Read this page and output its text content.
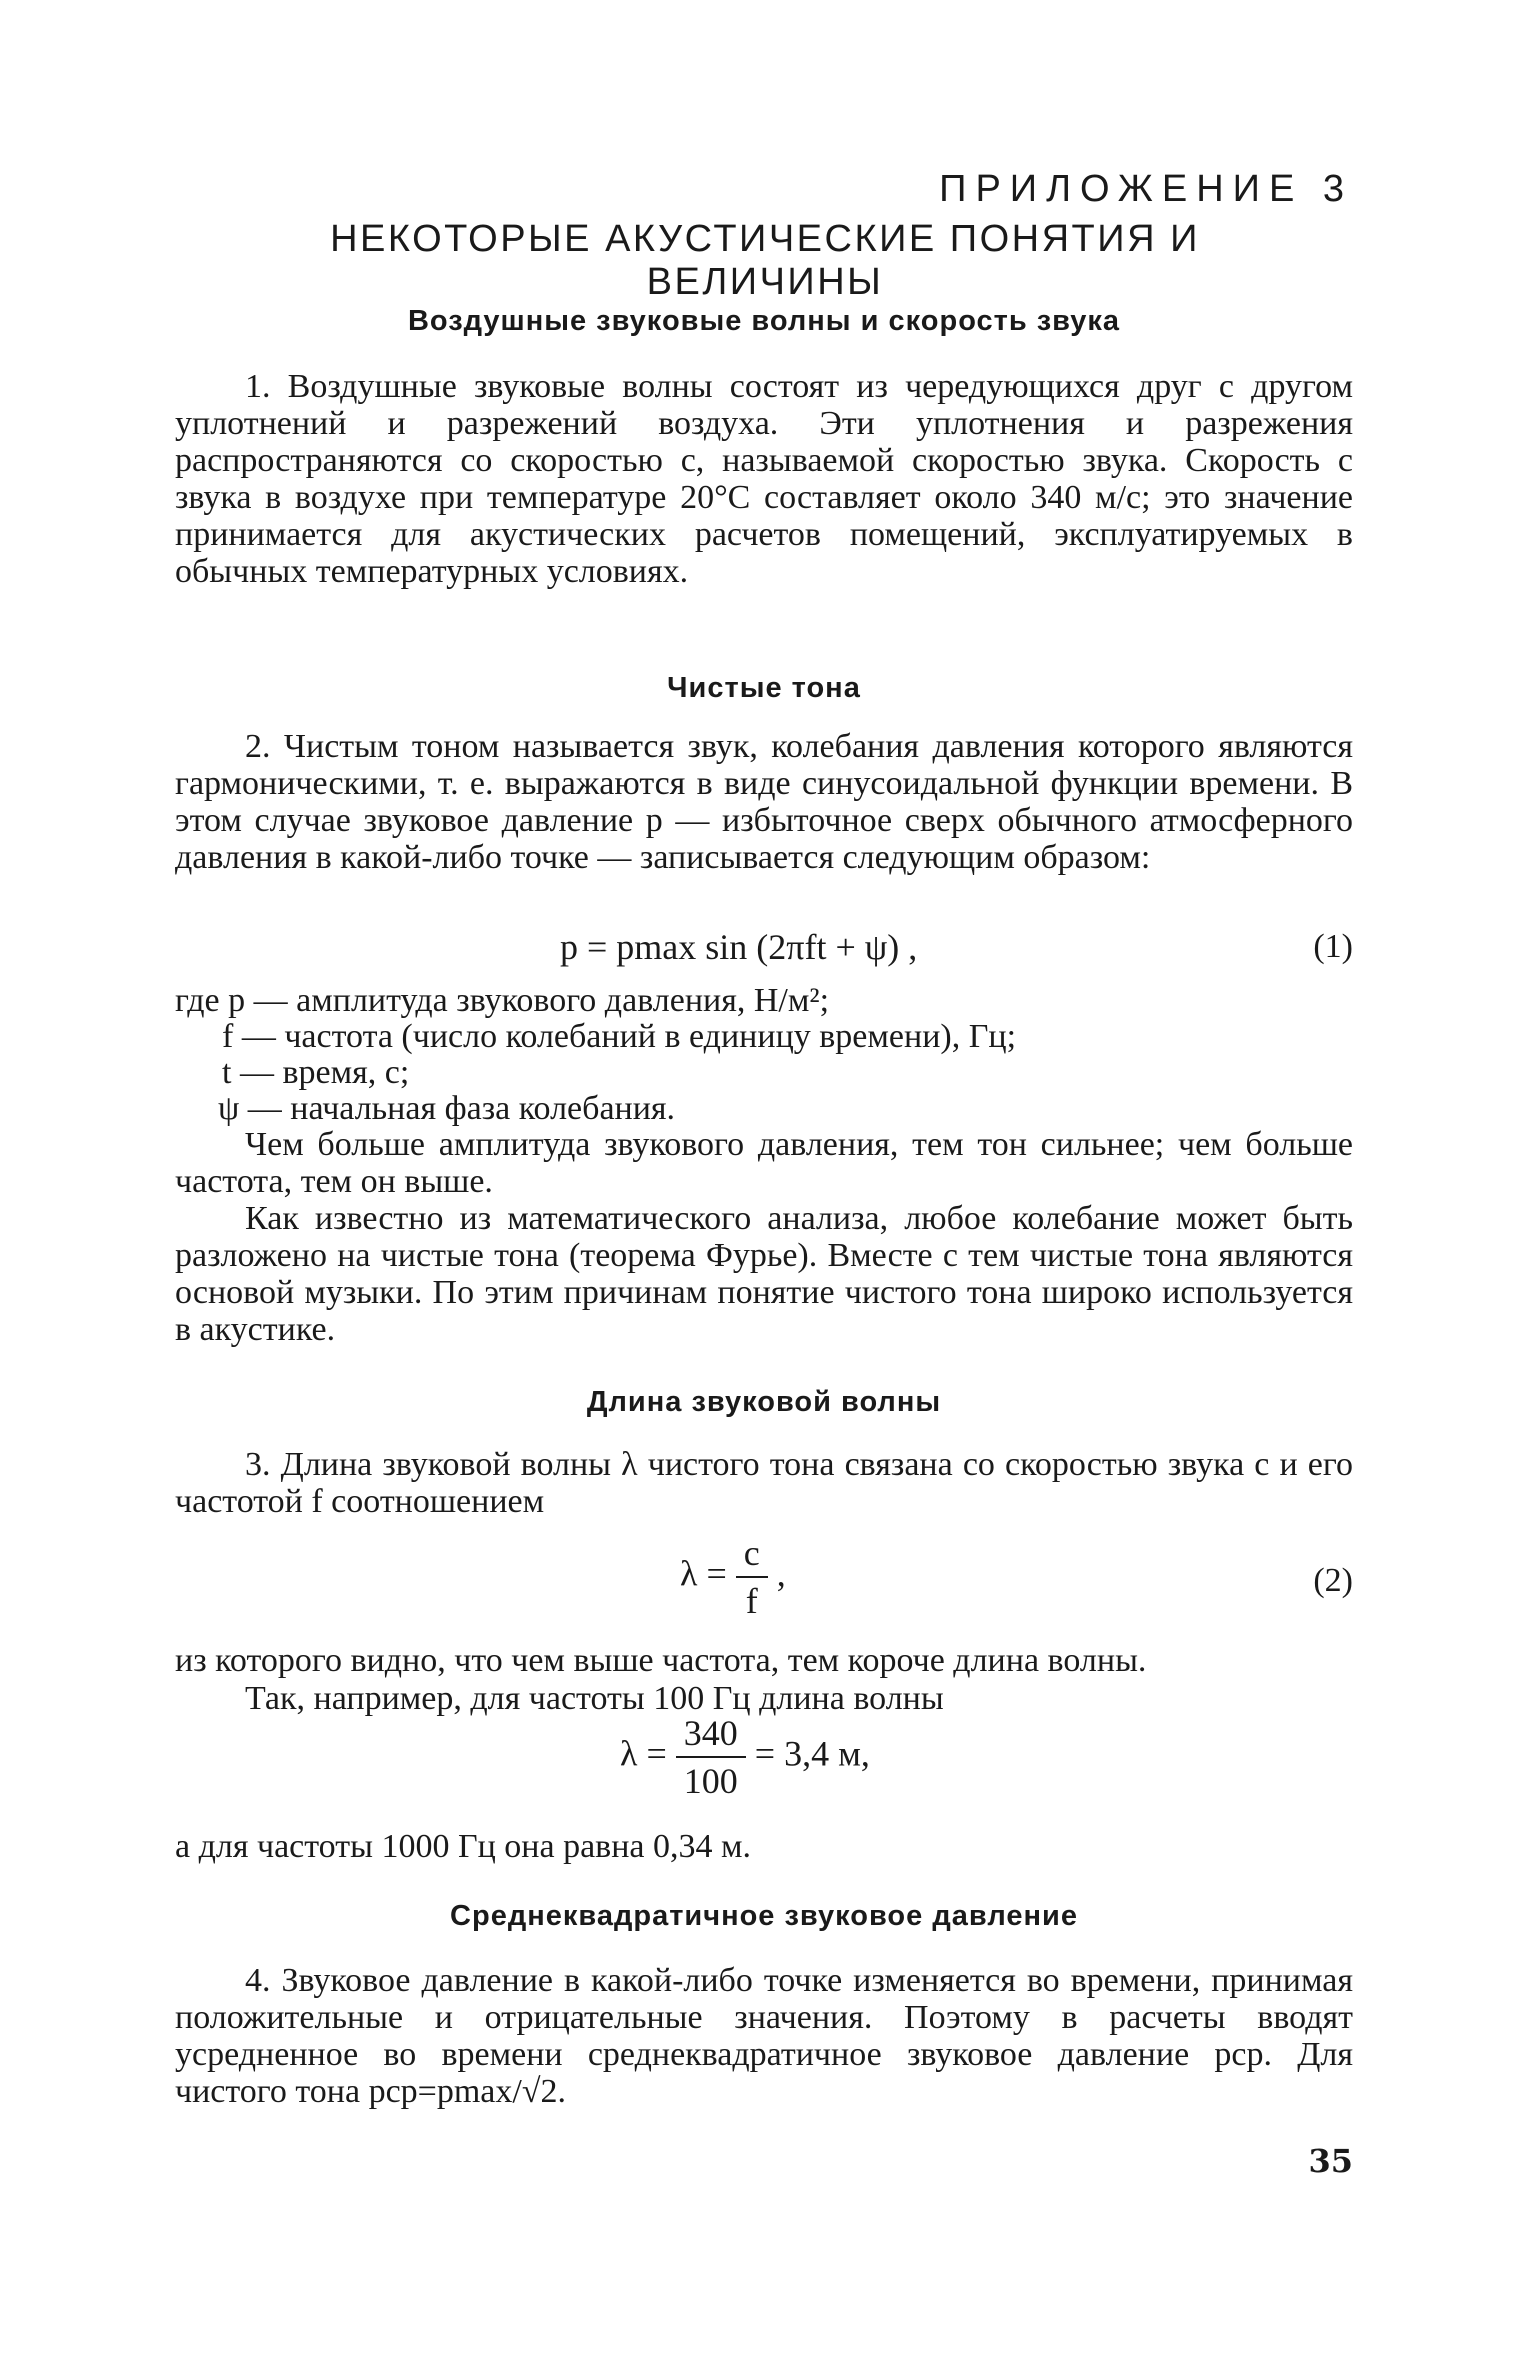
ПРИЛОЖЕНИЕ 3
НЕКОТОРЫЕ АКУСТИЧЕСКИЕ ПОНЯТИЯ И ВЕЛИЧИНЫ
Воздушные звуковые волны и скорость звука

1. Воздушные звуковые волны состоят из чередующихся друг с другом уплотнений и разрежений воздуха. Эти уплотнения и разрежения распространяются со скоростью c, называемой скоростью звука. Скорость c звука в воздухе при температуре 20°C составляет около 340 м/с; это значение принимается для акустических расчетов помещений, эксплуатируемых в обычных температурных условиях.

Чистые тона

2. Чистым тоном называется звук, колебания давления которого являются гармоническими, т. е. выражаются в виде синусоидальной функции времени. В этом случае звуковое давление p — избыточное сверх обычного атмосферного давления в какой-либо точке — записывается следующим образом:

p = pmax sin (2πft + ψ) ,	(1)
где p — амплитуда звукового давления, Н/м²;
f — частота (число колебаний в единицу времени), Гц;
t — время, с;
ψ — начальная фаза колебания.

Чем больше амплитуда звукового давления, тем тон сильнее; чем больше частота, тем он выше.

Как известно из математического анализа, любое колебание может быть разложено на чистые тона (теорема Фурье). Вместе с тем чистые тона являются основой музыки. По этим причинам понятие чистого тона широко используется в акустике.

Длина звуковой волны

3. Длина звуковой волны λ чистого тона связана со скоростью звука c и его частотой f соотношением

$\lambda = \frac{c}{f}$ ,	(2)
из которого видно, что чем выше частота, тем короче длина волны.
Так, например, для частоты 100 Гц длина волны
$\lambda = \frac{340}{100} = 3,4$ м,
а для частоты 1000 Гц она равна 0,34 м.
Среднеквадратичное звуковое давление

4. Звуковое давление в какой-либо точке изменяется во времени, принимая положительные и отрицательные значения. Поэтому в расчеты вводят усредненное во времени среднеквадратичное звуковое давление pср. Для чистого тона pср=pmax/√2.

35
